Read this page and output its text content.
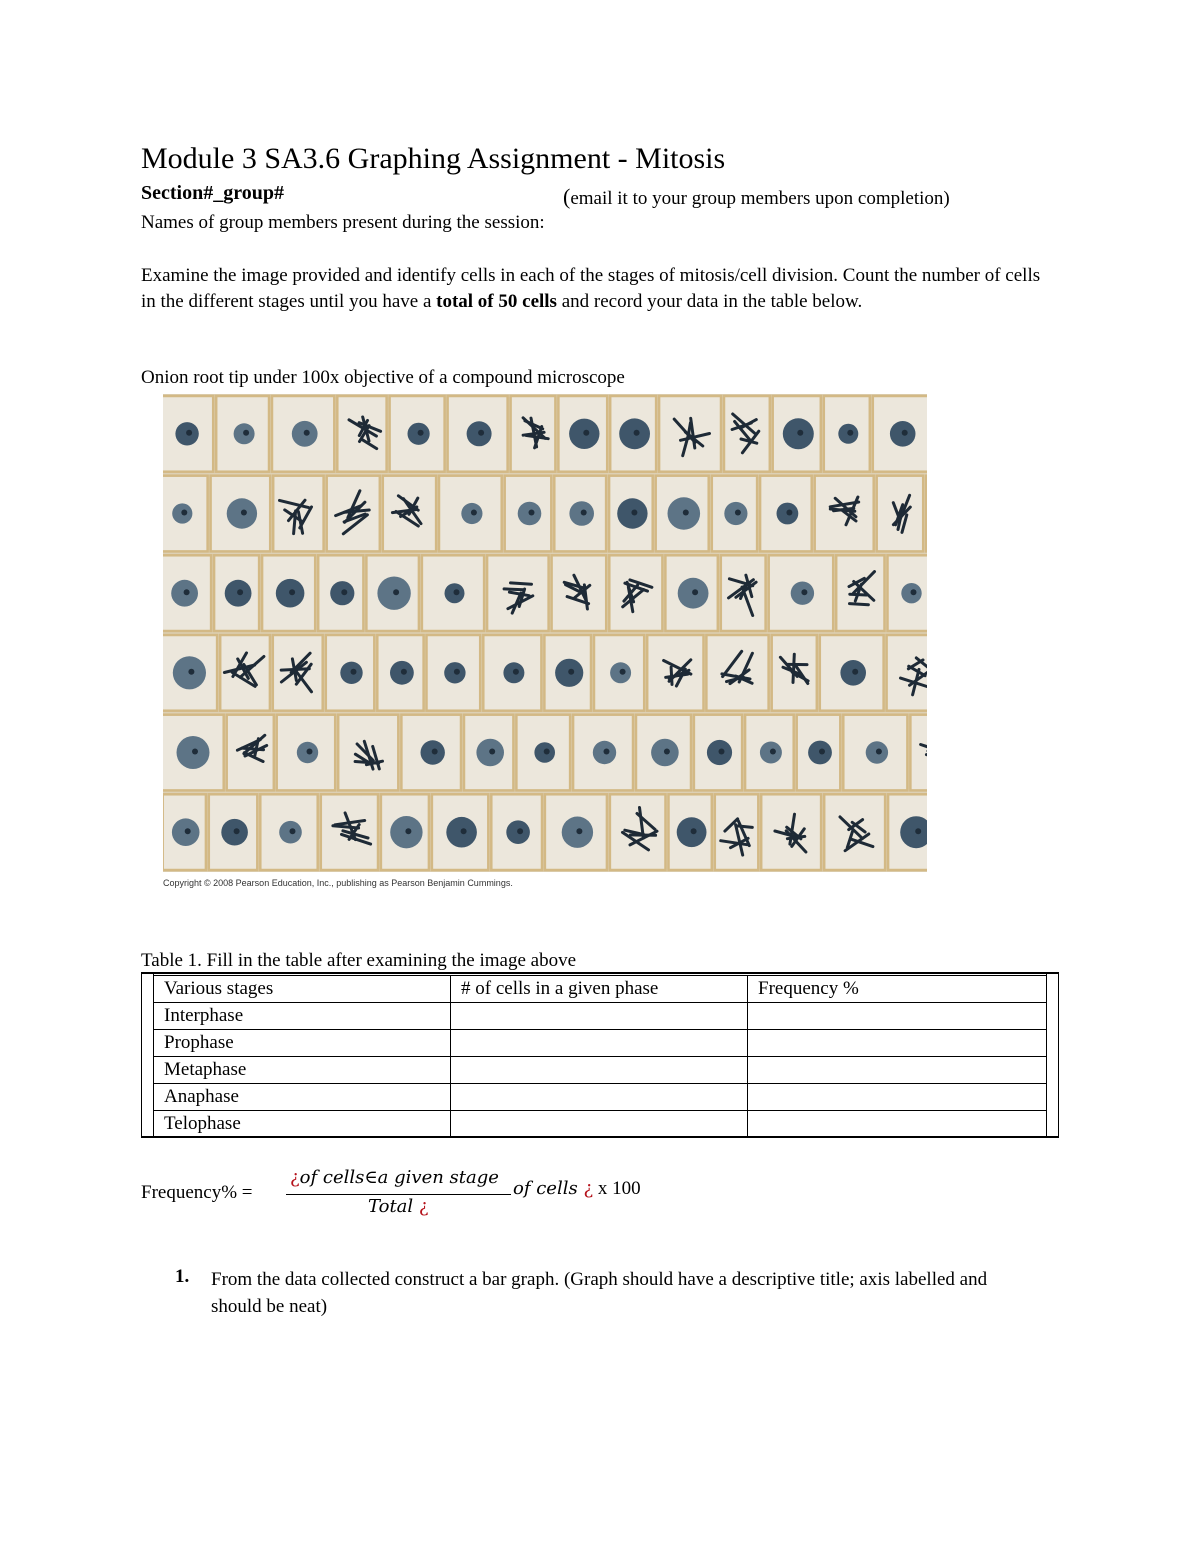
Module 3 SA3.6 Graphing Assignment - Mitosis
Section#_group#	(email it to your group members upon completion)
Names of group members present during the session:
Examine the image provided and identify cells in each of the stages of mitosis/cell division. Count the number of cells in the different stages until you have a total of 50 cells and record your data in the table below.
Onion root tip under 100x objective of a compound microscope
Copyright © 2008 Pearson Education, Inc., publishing as Pearson Benjamin Cummings.
Table 1. Fill in the table after examining the image above
Various stages	# of cells in a given phase	Frequency %
Interphase		
Prophase		
Metaphase		
Anaphase		
Telophase		
Frequency% =
¿of cells∈a given stage
Total ¿
of cells ¿ x 100
1. From the data collected construct a bar graph. (Graph should have a descriptive title; axis labelled and should be neat)
